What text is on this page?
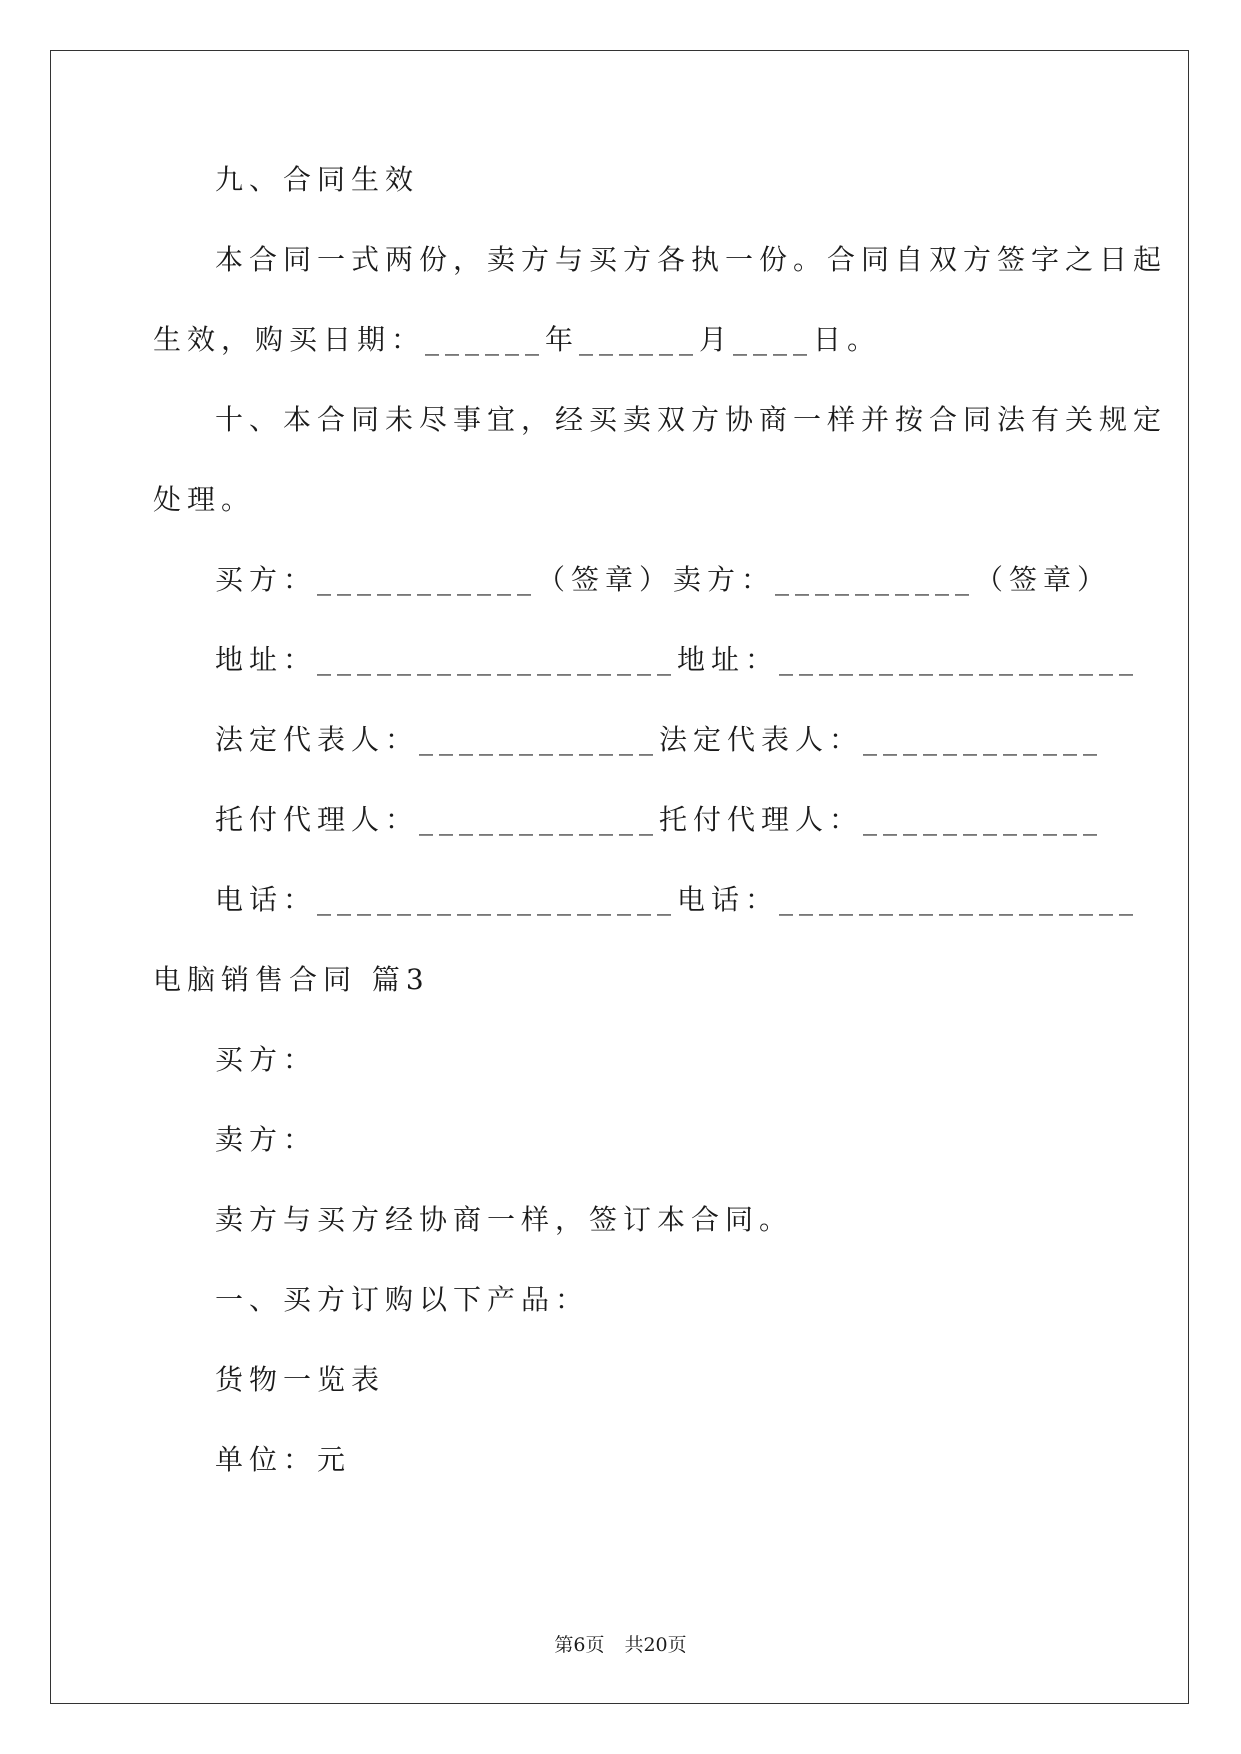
九、合同生效
本合同一式两份，卖方与买方各执一份。合同自双方签字之日起
生效，购买日期：______年______月____日。
十、本合同未尽事宜，经买卖双方协商一样并按合同法有关规定
处理。
买方：___________（签章）卖方：__________（签章）
地址：__________________地址：__________________
法定代表人：____________法定代表人：____________
托付代理人：____________托付代理人：____________
电话：__________________电话：__________________
电脑销售合同 篇3
买方：
卖方：
卖方与买方经协商一样，签订本合同。
一、买方订购以下产品：
货物一览表
单位：元
第6页 共20页
